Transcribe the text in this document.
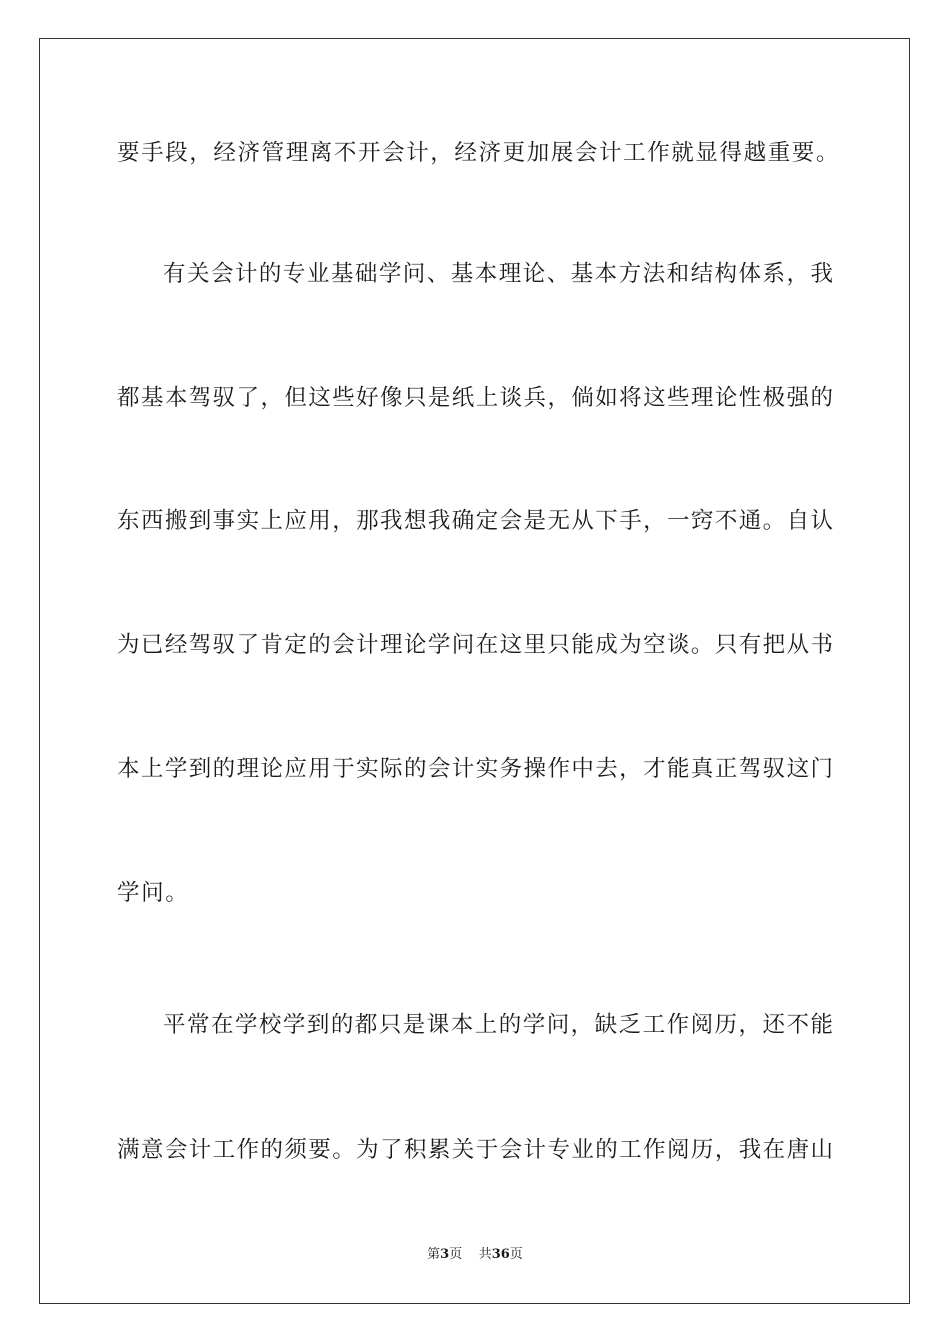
要手段，经济管理离不开会计，经济更加展会计工作就显得越重要。
有关会计的专业基础学问、基本理论、基本方法和结构体系，我
都基本驾驭了，但这些好像只是纸上谈兵，倘如将这些理论性极强的
东西搬到事实上应用，那我想我确定会是无从下手，一窍不通。自认
为已经驾驭了肯定的会计理论学问在这里只能成为空谈。只有把从书
本上学到的理论应用于实际的会计实务操作中去，才能真正驾驭这门
学问。
平常在学校学到的都只是课本上的学问，缺乏工作阅历，还不能
满意会计工作的须要。为了积累关于会计专业的工作阅历，我在唐山
第3页    共36页
